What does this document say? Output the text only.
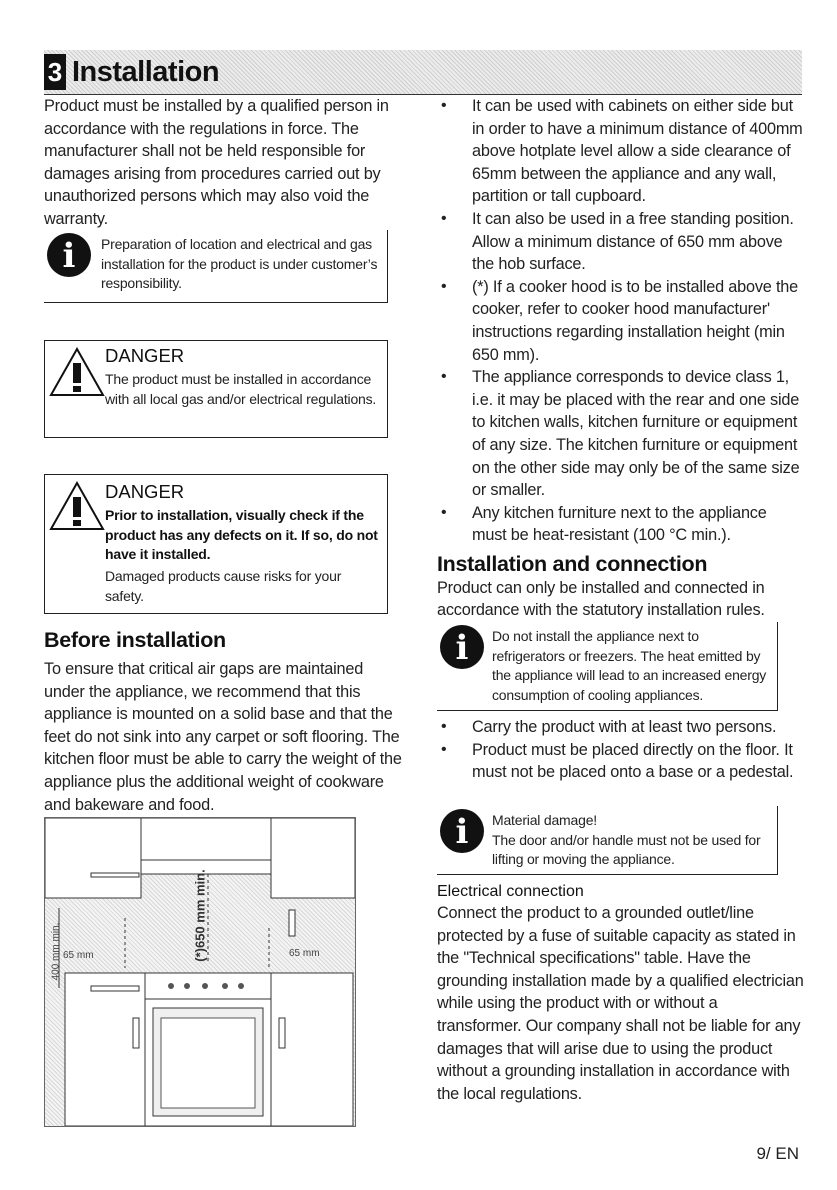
3 Installation

Product must be installed by a qualified person in accordance with the regulations in force. The manufacturer shall not be held responsible for damages arising from procedures carried out by unauthorized persons which may also void the warranty.

i	Preparation of location and electrical and gas installation for the product is under customer’s responsibility.
DANGER
The product must be installed in accordance with all local gas and/or electrical regulations.
DANGER
Prior to installation, visually check if the product has any defects on it. If so, do not have it installed.
Damaged products cause risks for your safety.
Before installation

To ensure that critical air gaps are maintained under the appliance, we recommend that this appliance is mounted on a solid base and that the feet do not sink into any carpet or soft flooring. The kitchen floor must be able to carry the weight of the appliance plus the additional weight of cookware and bakeware and food.

65 mm	65 mm
(*)650 mm min.
400 mm min.
• It can be used with cabinets on either side but in order to have a minimum distance of 400mm above hotplate level allow a side clearance of 65mm between the appliance and any wall, partition or tall cupboard.
• It can also be used in a free standing position. Allow a minimum distance of 650 mm above the hob surface.
• (*) If a cooker hood is to be installed above the cooker, refer to cooker hood manufacturer' instructions regarding installation height (min 650 mm).
• The appliance corresponds to device class 1, i.e. it may be placed with the rear and one side to kitchen walls, kitchen furniture or equipment of any size. The kitchen furniture or equipment on the other side may only be of the same size or smaller.
• Any kitchen furniture next to the appliance must be heat-resistant (100 °C min.).
Installation and connection

Product can only be installed and connected in accordance with the statutory installation rules.

i	Do not install the appliance next to refrigerators or freezers. The heat emitted by the appliance will lead to an increased energy consumption of cooling appliances.
• Carry the product with at least two persons.
• Product must be placed directly on the floor. It must not be placed onto a base or a pedestal.
i	Material damage!
The door and/or handle must not be used for lifting or moving the appliance.
Electrical connection

Connect the product to a grounded outlet/line protected by a fuse of suitable capacity as stated in the "Technical specifications" table. Have the grounding installation made by a qualified electrician while using the product with or without a transformer. Our company shall not be liable for any damages that will arise due to using the product without a grounding installation in accordance with the local regulations.

9/ EN
